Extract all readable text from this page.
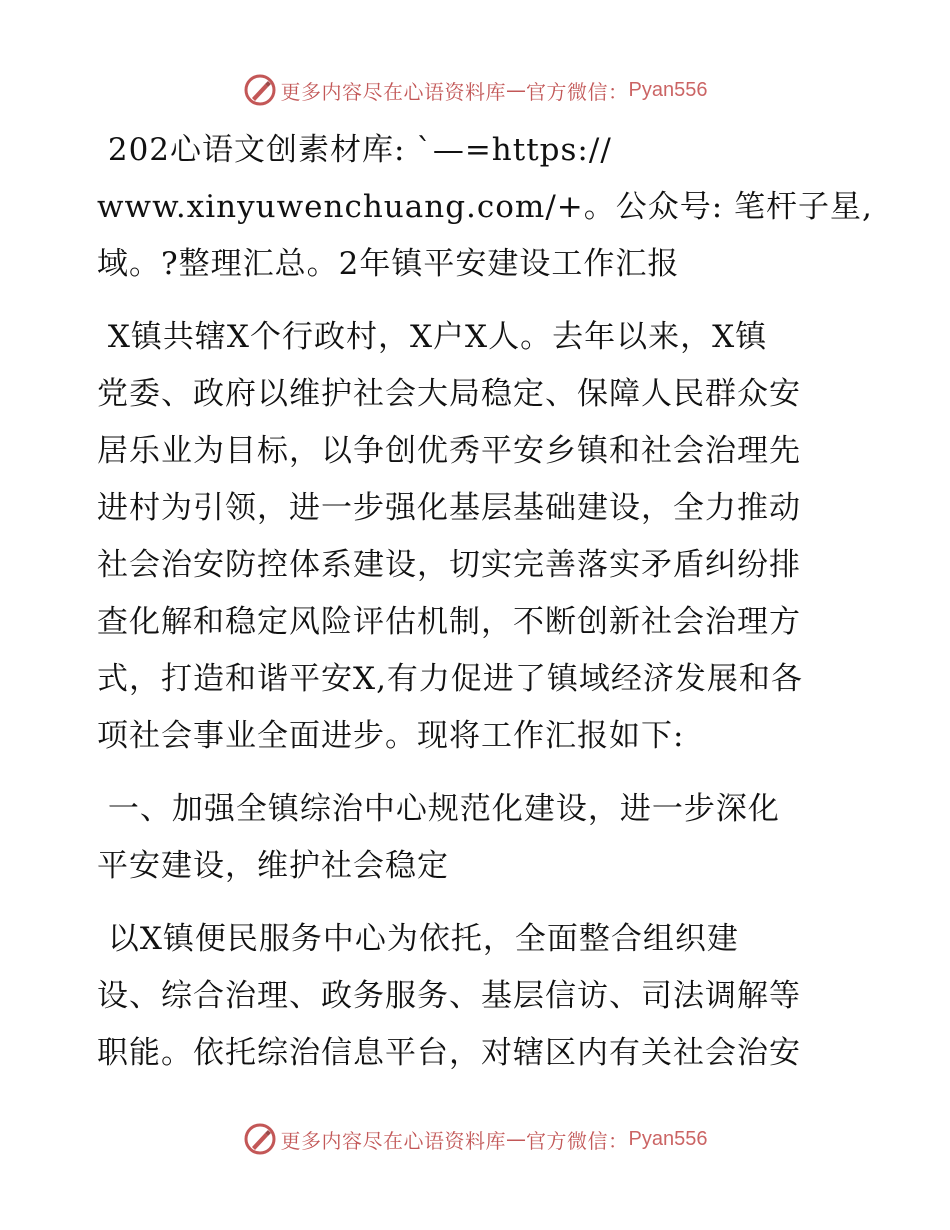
更多内容尽在心语资料库 — 官方微信： Pyan556

202心语文创素材库: `—=https://
www.xinyuwenchuang.com/+。公众号: 笔杆子星,
域。?整理汇总。2年镇平安建设工作汇报

X镇共辖X个行政村，X户X人。去年以来，X镇
党委、政府以维护社会大局稳定、保障人民群众安
居乐业为目标，以争创优秀平安乡镇和社会治理先
进村为引领，进一步强化基层基础建设，全力推动
社会治安防控体系建设，切实完善落实矛盾纠纷排
查化解和稳定风险评估机制，不断创新社会治理方
式，打造和谐平安X,有力促进了镇域经济发展和各
项社会事业全面进步。现将工作汇报如下:

一、加强全镇综治中心规范化建设，进一步深化
平安建设，维护社会稳定

以X镇便民服务中心为依托，全面整合组织建
设、综合治理、政务服务、基层信访、司法调解等
职能。依托综治信息平台，对辖区内有关社会治安

更多内容尽在心语资料库 — 官方微信： Pyan556
